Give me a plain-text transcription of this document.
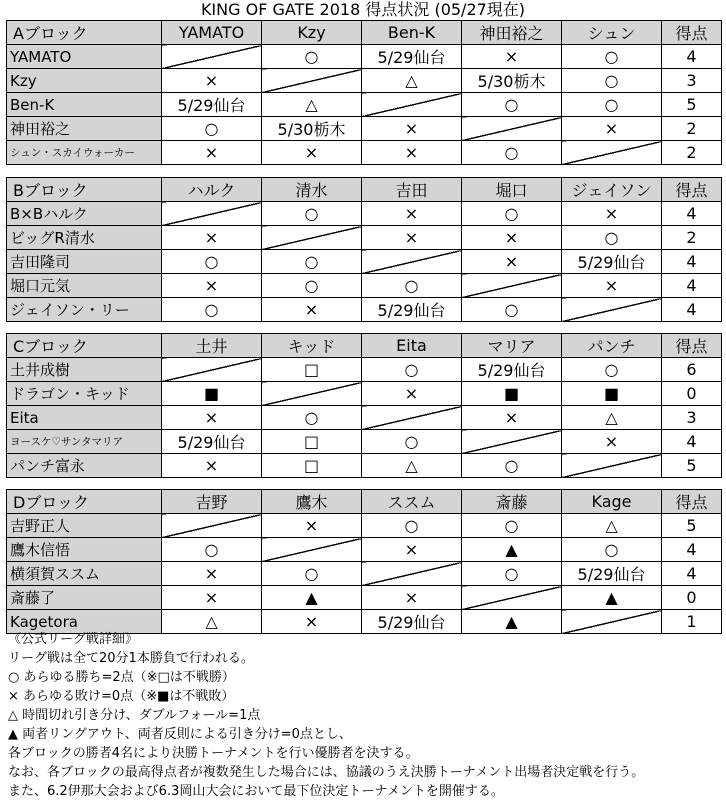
KING OF GATE 2018 得点状況 (05/27現在)
Aブロック	YAMATO	Kzy	Ben-K	神田裕之	シュン	得点
YAMATO		○	5/29仙台	×	○	4
Kzy	×		△	5/30栃木	○	3
Ben-K	5/29仙台	△		○	○	5
神田裕之	○	5/30栃木	×		×	2
シュン・スカイウォーカー	×	×	×	○		2
Bブロック	ハルク	清水	吉田	堀口	ジェイソン	得点
B×Bハルク		○	×	○	×	4
ビッグR清水	×		×	×	○	2
吉田隆司	○	○		×	5/29仙台	4
堀口元気	×	○	○		×	4
ジェイソン・リー	○	×	5/29仙台	○		4
Cブロック	土井	キッド	Eita	マリア	パンチ	得点
土井成樹		□	○	5/29仙台	○	6
ドラゴン・キッド	■		×	■	■	0
Eita	×	○		×	△	3
ヨースケ♡サンタマリア	5/29仙台	□	○		×	4
パンチ富永	×	□	△	○		5
Dブロック	吉野	鷹木	ススム	斎藤	Kage	得点
吉野正人		×	○	○	△	5
鷹木信悟	○		×	▲	○	4
横須賀ススム	×	○		○	5/29仙台	4
斎藤了	×	▲	×		▲	0
Kagetora	△	×	5/29仙台	▲		1
《公式リーグ戦詳細》
リーグ戦は全て20分1本勝負で行われる。
○ あらゆる勝ち=2点（※□は不戦勝）
× あらゆる敗け=0点（※■は不戦敗）
△ 時間切れ引き分け、ダブルフォール=1点
▲ 両者リングアウト、両者反則による引き分け=0点とし、
各ブロックの勝者4名により決勝トーナメントを行い優勝者を決する。
なお、各ブロックの最高得点者が複数発生した場合には、協議のうえ決勝トーナメント出場者決定戦を行う。
また、6.2伊那大会および6.3岡山大会において最下位決定トーナメントを開催する。
